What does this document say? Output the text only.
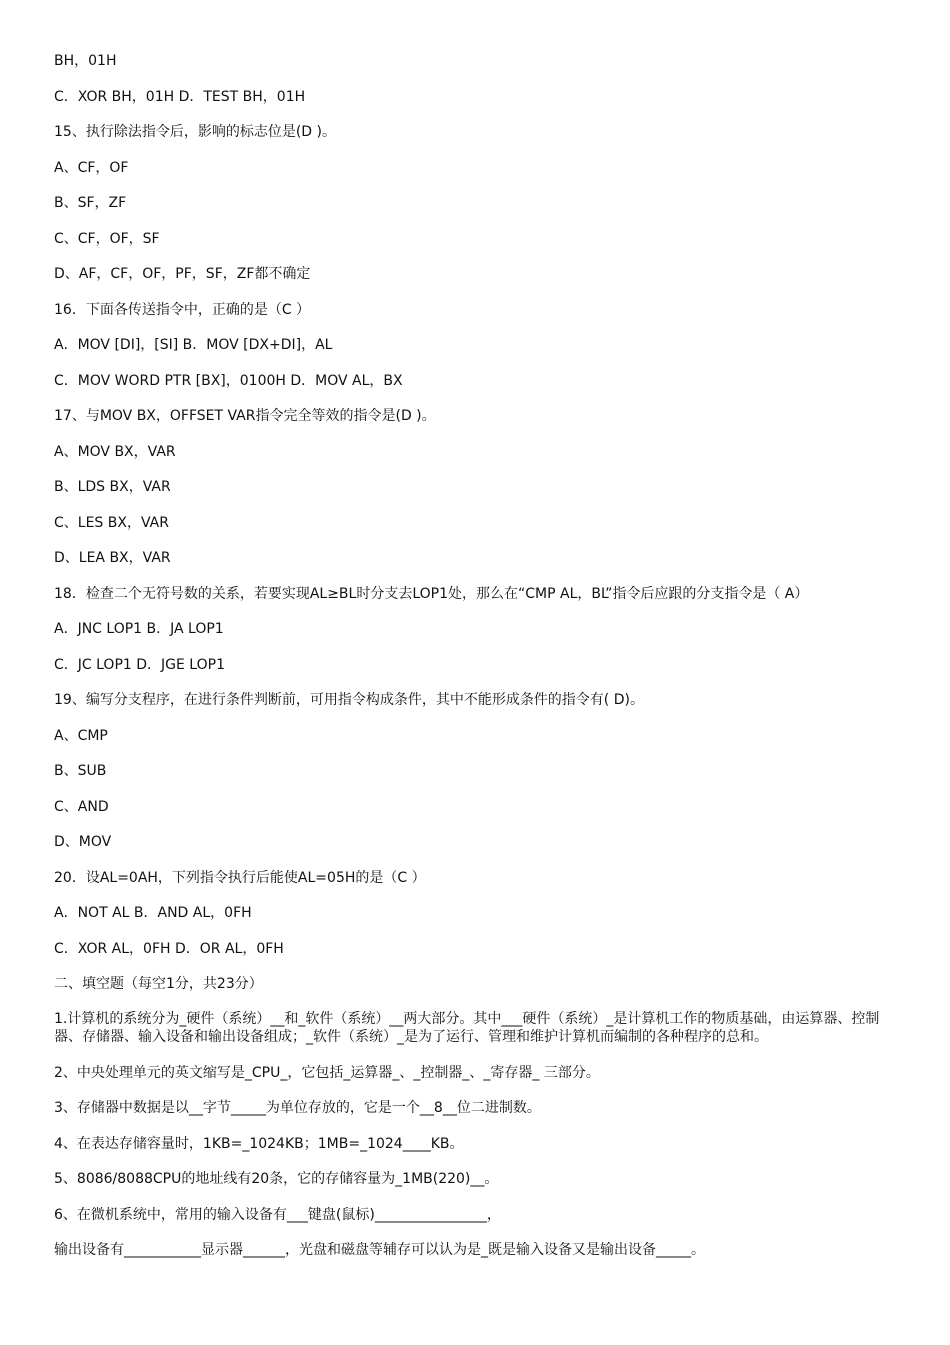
BH，01H
C．XOR BH，01H D．TEST BH，01H
15、执行除法指令后，影响的标志位是(D )。
A、CF，OF
B、SF，ZF
C、CF，OF，SF
D、AF，CF，OF，PF，SF，ZF都不确定
16．下面各传送指令中，正确的是（C ）
A．MOV [DI]，[SI] B．MOV [DX+DI]，AL
C．MOV WORD PTR [BX]，0100H D．MOV AL，BX
17、与MOV BX，OFFSET VAR指令完全等效的指令是(D )。
A、MOV BX，VAR
B、LDS BX，VAR
C、LES BX，VAR
D、LEA BX，VAR
18．检查二个无符号数的关系，若要实现AL≥BL时分支去LOP1处，那么在“CMP AL，BL”指令后应跟的分支指令是（ A）
A．JNC LOP1 B．JA LOP1
C．JC LOP1 D．JGE LOP1
19、编写分支程序，在进行条件判断前，可用指令构成条件，其中不能形成条件的指令有( D)。
A、CMP
B、SUB
C、AND
D、MOV
20．设AL=0AH，下列指令执行后能使AL=05H的是（C ）
A．NOT AL B．AND AL，0FH
C．XOR AL，0FH D．OR AL，0FH
二、填空题（每空1分，共23分）
1.计算机的系统分为_硬件（系统）__和_软件（系统）__两大部分。其中___硬件（系统）_是计算机工作的物质基础，由运算器、控制器、存储器、输入设备和输出设备组成；_软件（系统）_是为了运行、管理和维护计算机而编制的各种程序的总和。
2、中央处理单元的英文缩写是_CPU_，它包括_运算器_、_控制器_、_寄存器_ 三部分。
3、存储器中数据是以__字节_____为单位存放的，它是一个__8__位二进制数。
4、在表达存储容量时，1KB=_1024KB；1MB=_1024____KB。
5、8086/8088CPU的地址线有20条，它的存储容量为_1MB(220)__。
6、在微机系统中，常用的输入设备有___键盘(鼠标)________________，
输出设备有___________显示器______，光盘和磁盘等辅存可以认为是_既是输入设备又是输出设备_____。
